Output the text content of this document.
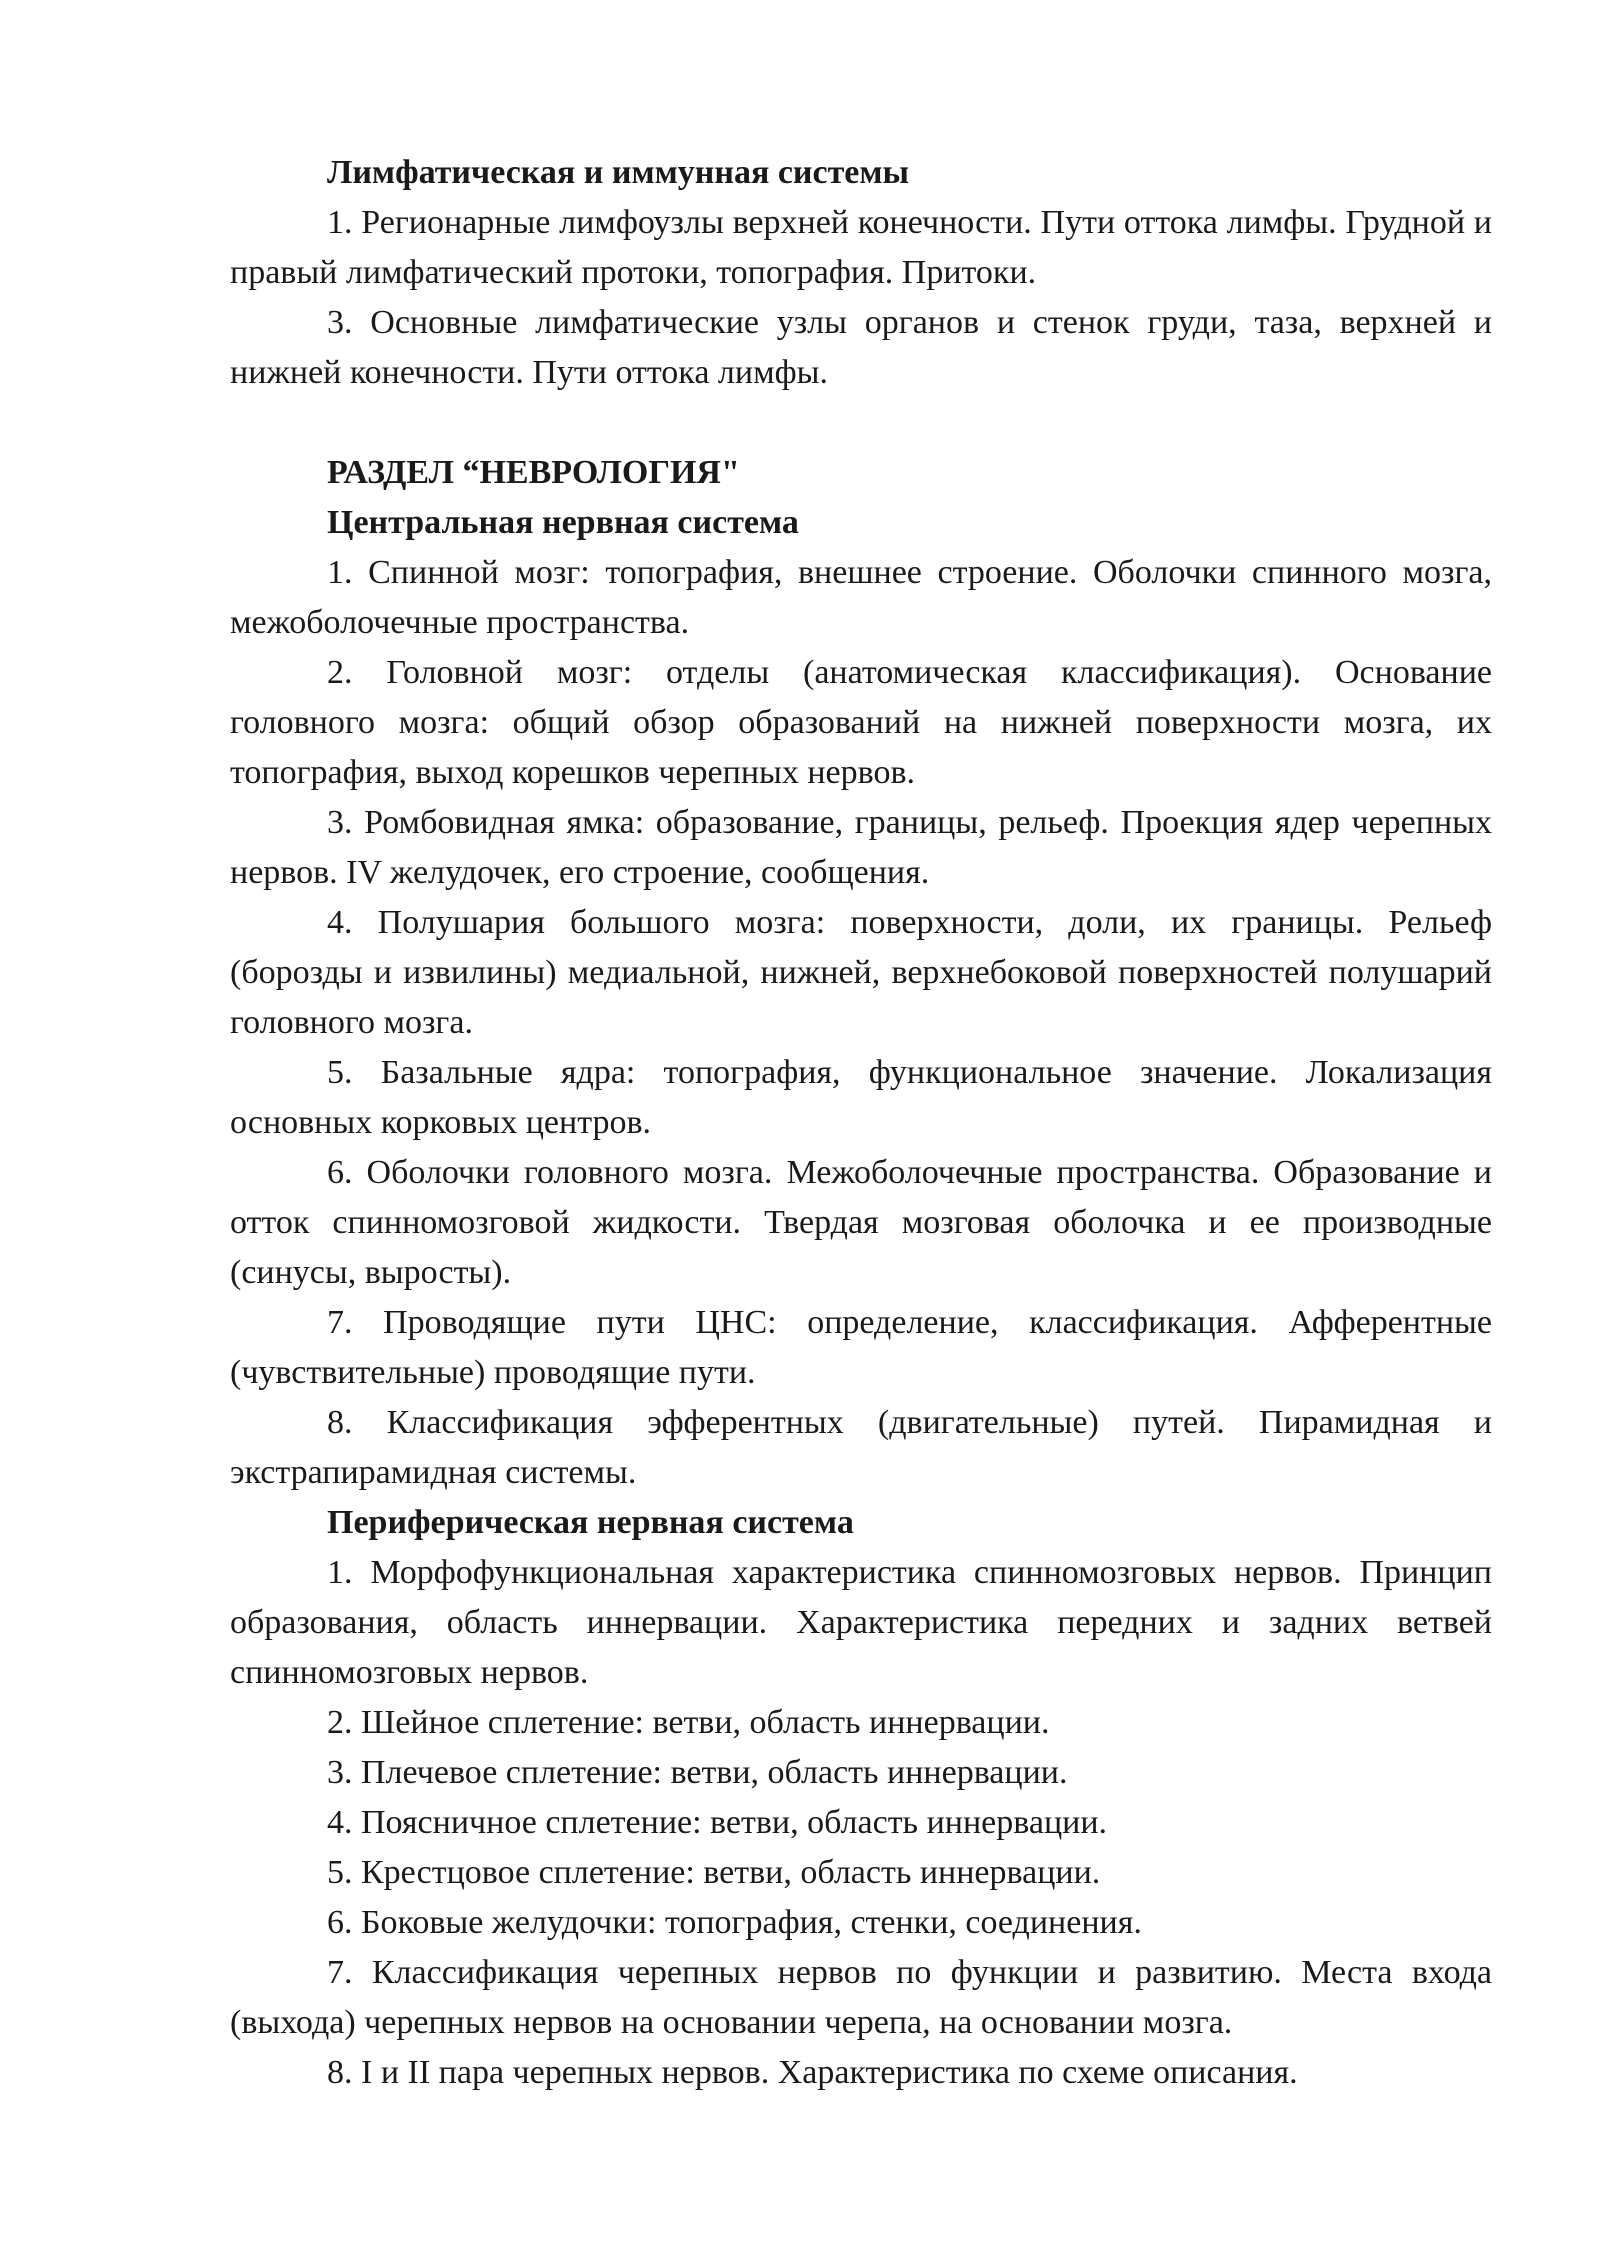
Лимфатическая и иммунная системы

1. Регионарные лимфоузлы верхней конечности. Пути оттока лимфы. Грудной и правый лимфатический протоки, топография. Притоки.

3. Основные лимфатические узлы органов и стенок груди, таза, верхней и нижней конечности. Пути оттока лимфы.

РАЗДЕЛ “НЕВРОЛОГИЯ"

Центральная нервная система

1. Спинной мозг: топография, внешнее строение. Оболочки спинного мозга, межоболочечные пространства.

2. Головной мозг: отделы (анатомическая классификация). Основание головного мозга: общий обзор образований на нижней поверхности мозга, их топография, выход корешков черепных нервов.

3. Ромбовидная ямка: образование, границы, рельеф. Проекция ядер черепных нервов. IV желудочек, его строение, сообщения.

4. Полушария большого мозга: поверхности, доли, их границы. Рельеф (борозды и извилины) медиальной, нижней, верхнебоковой поверхностей полушарий головного мозга.

5. Базальные ядра: топография, функциональное значение. Локализация основных корковых центров.

6. Оболочки головного мозга. Межоболочечные пространства. Образование и отток спинномозговой жидкости. Твердая мозговая оболочка и ее производные (синусы, выросты).

7. Проводящие пути ЦНС: определение, классификация. Афферентные (чувствительные) проводящие пути.

8. Классификация эфферентных (двигательные) путей. Пирамидная и экстрапирамидная системы.

Периферическая нервная система

1. Морфофункциональная характеристика спинномозговых нервов. Принцип образования, область иннервации. Характеристика передних и задних ветвей спинномозговых нервов.

2. Шейное сплетение: ветви, область иннервации.

3. Плечевое сплетение: ветви, область иннервации.

4. Поясничное сплетение: ветви, область иннервации.

5. Крестцовое сплетение: ветви, область иннервации.

6. Боковые желудочки: топография, стенки, соединения.

7. Классификация черепных нервов по функции и развитию. Места входа (выхода) черепных нервов на основании черепа, на основании мозга.

8. I и II пара черепных нервов. Характеристика по схеме описания.
